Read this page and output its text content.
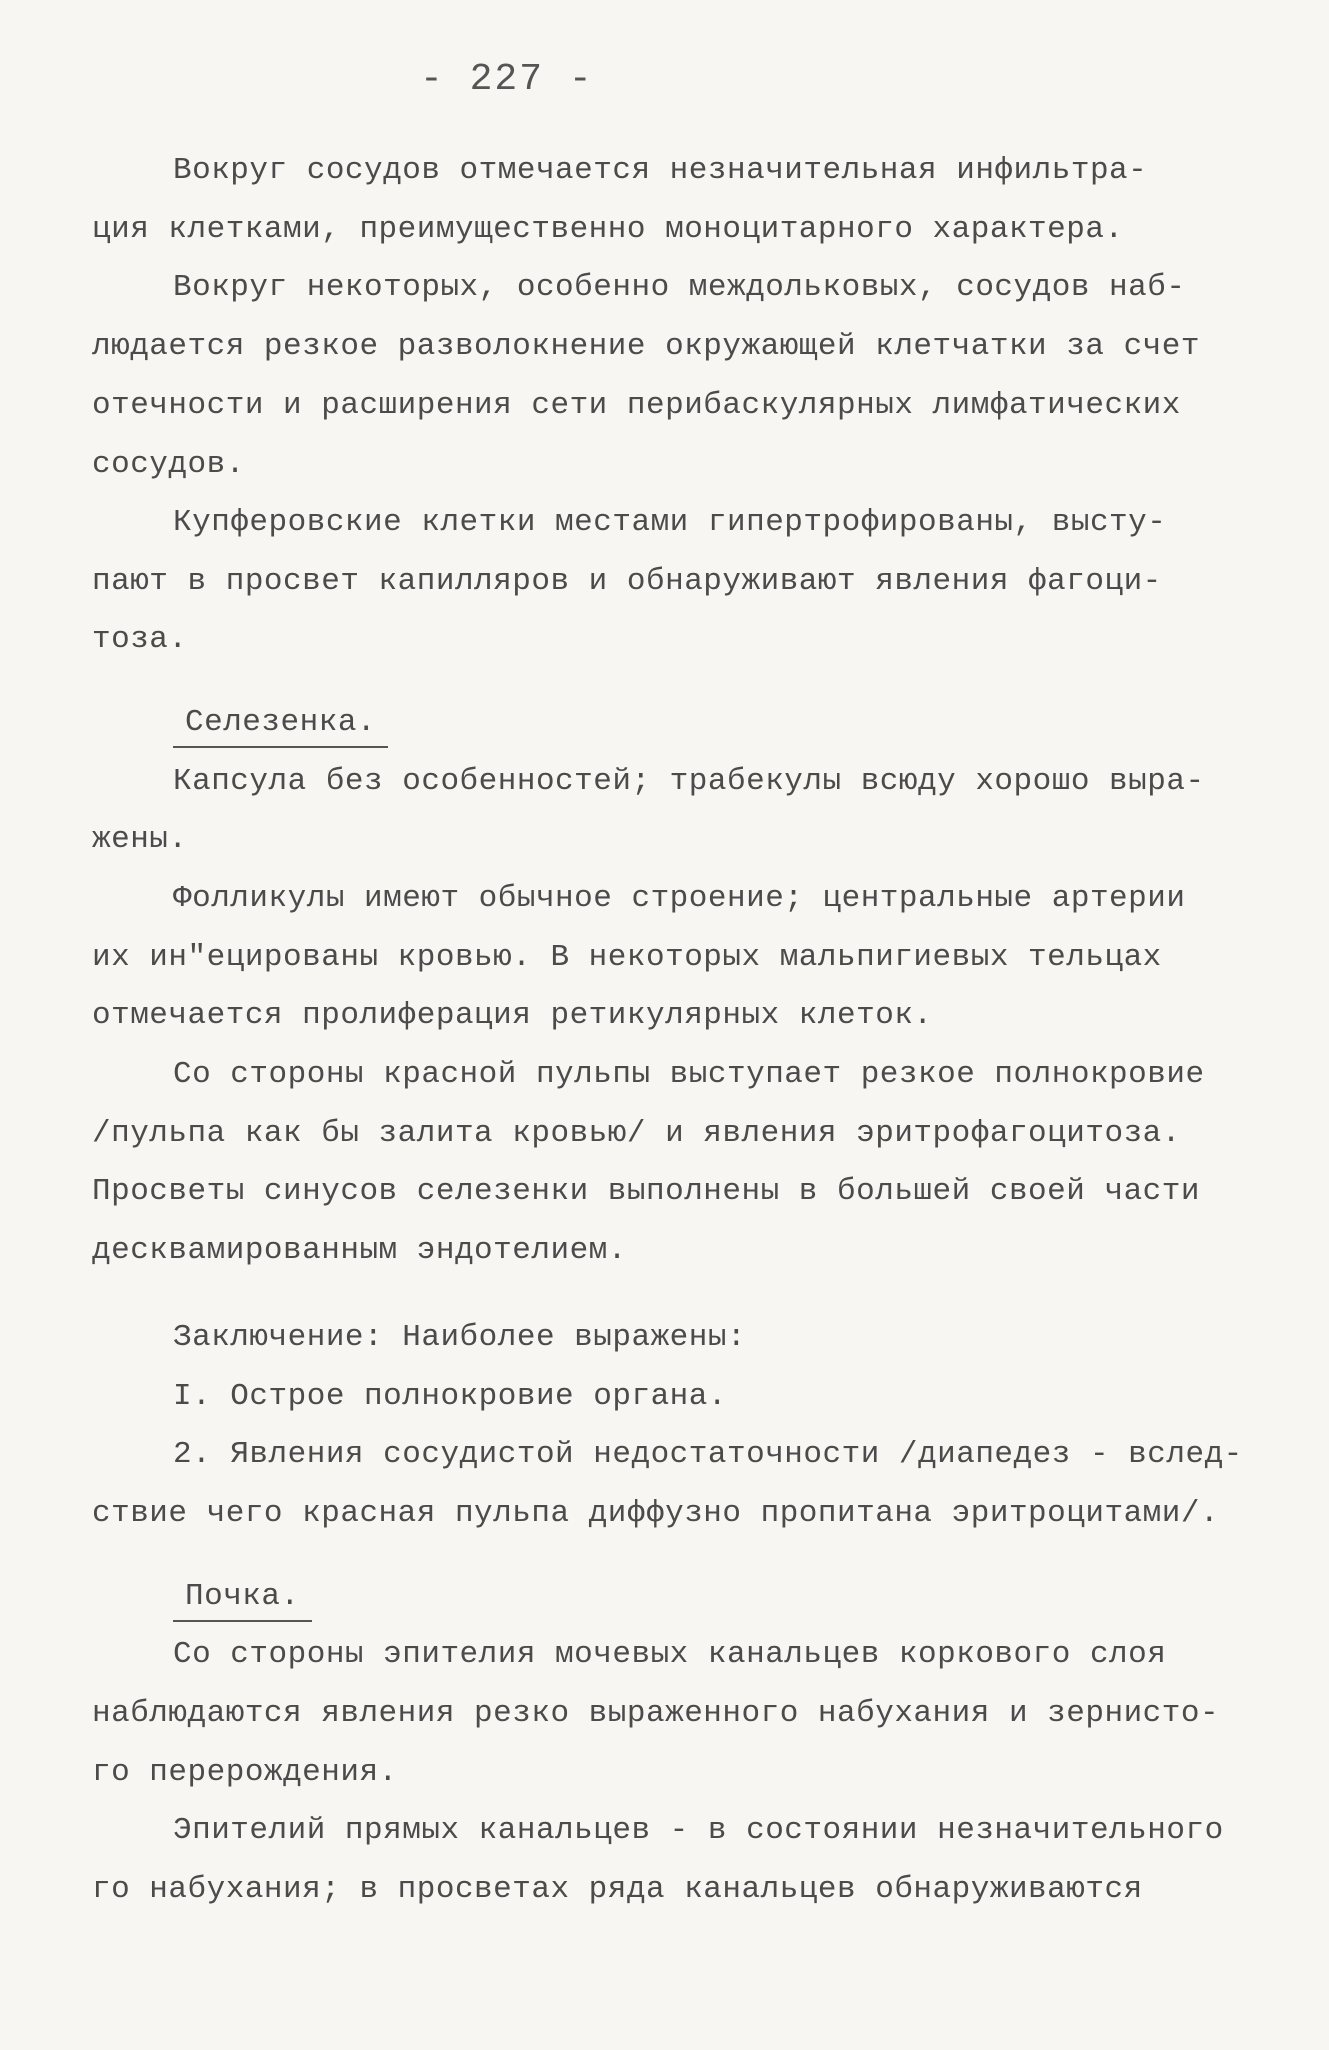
- 227 -
Вокруг сосудов отмечается незначительная инфильтра-
ция клетками, преимущественно моноцитарного характера.
Вокруг некоторых, особенно междольковых, сосудов наб-
людается резкое разволокнение окружающей клетчатки за счет
отечности и расширения сети перибаскулярных лимфатических
сосудов.
Купферовские клетки местами гипертрофированы, высту-
пают в просвет капилляров и обнаруживают явления фагоци-
тоза.
Селезенка.
Капсула без особенностей; трабекулы всюду хорошо выра-
жены.
Фолликулы имеют обычное строение; центральные артерии
их ин"ецированы кровью. В некоторых мальпигиевых тельцах
отмечается пролиферация ретикулярных клеток.
Со стороны красной пульпы выступает резкое полнокровие
/пульпа как бы залита кровью/ и явления эритрофагоцитоза.
Просветы синусов селезенки выполнены в большей своей части
десквамированным эндотелием.
Заключение: Наиболее выражены:
I. Острое полнокровие органа.
2. Явления сосудистой недостаточности /диапедез - вслед-
ствие чего красная пульпа диффузно пропитана эритроцитами/.
Почка.
Со стороны эпителия мочевых канальцев коркового слоя
наблюдаются явления резко выраженного набухания и зернисто-
го перерождения.
Эпителий прямых канальцев - в состоянии незначительного
го набухания; в просветах ряда канальцев обнаруживаются
